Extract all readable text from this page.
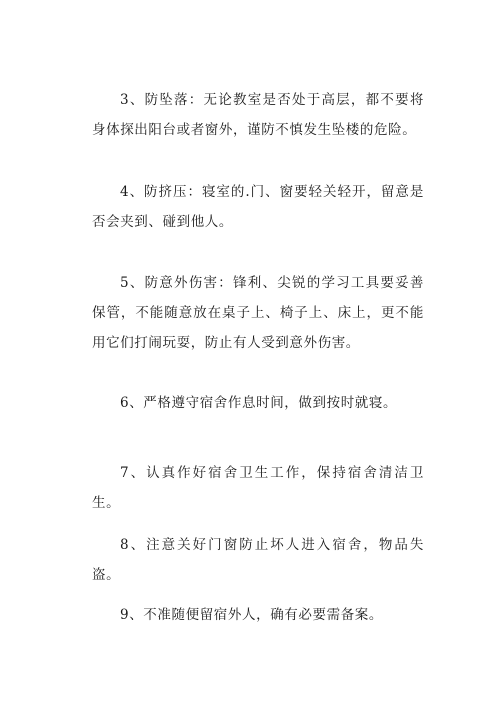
3、防坠落：无论教室是否处于高层，都不要将身体探出阳台或者窗外，谨防不慎发生坠楼的危险。

4、防挤压：寝室的.门、窗要轻关轻开，留意是否会夹到、碰到他人。

5、防意外伤害：锋利、尖锐的学习工具要妥善保管，不能随意放在桌子上、椅子上、床上，更不能用它们打闹玩耍，防止有人受到意外伤害。

6、严格遵守宿舍作息时间，做到按时就寝。

7、认真作好宿舍卫生工作，保持宿舍清洁卫生。

8、注意关好门窗防止坏人进入宿舍，物品失盗。

9、不准随便留宿外人，确有必要需备案。
